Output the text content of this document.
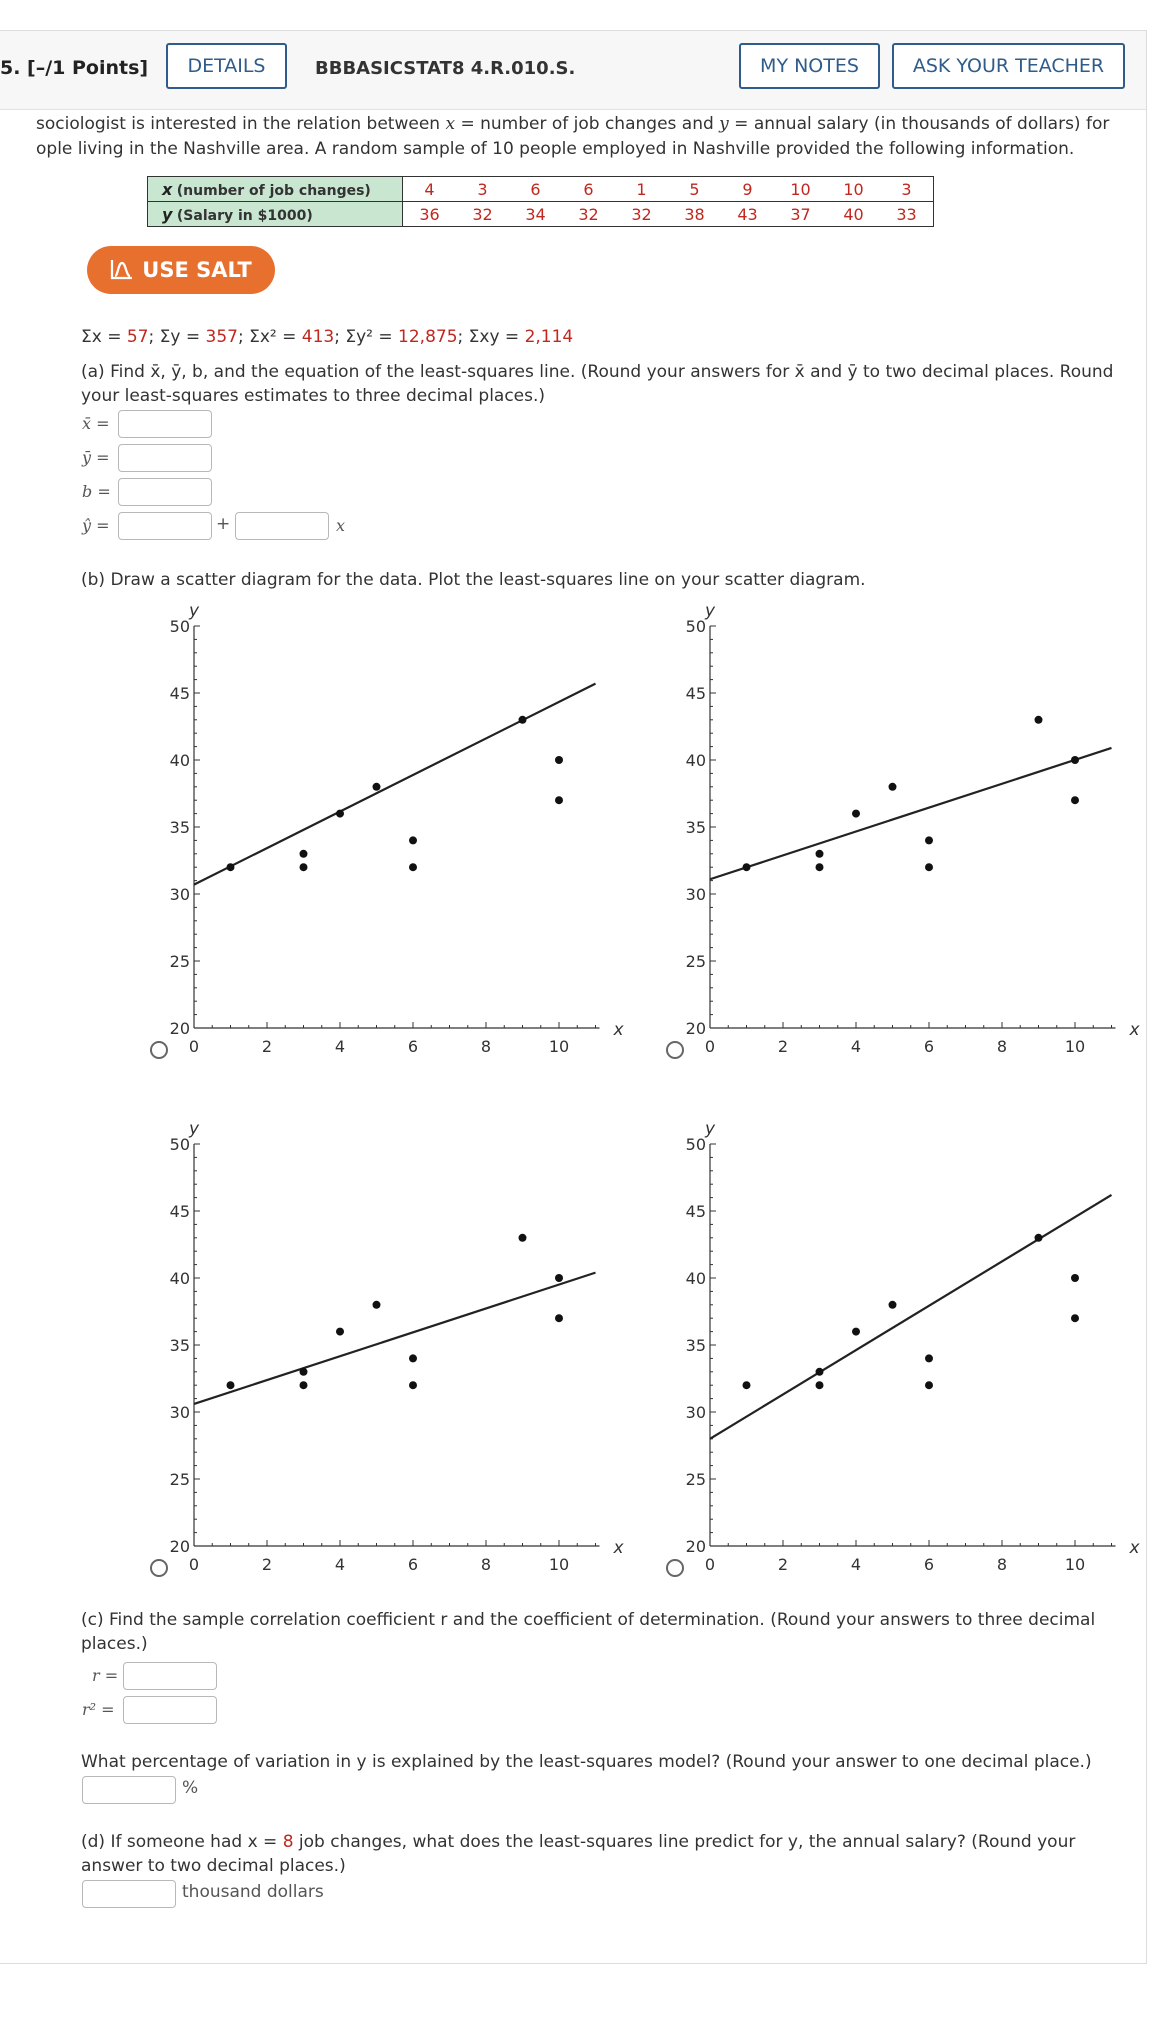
5. [–/1 Points]	DETAILS	BBBASICSTAT8 4.R.010.S.	MY NOTES	ASK YOUR TEACHER
sociologist is interested in the relation between x = number of job changes and y = annual salary (in thousands of dollars) for
ople living in the Nashville area. A random sample of 10 people employed in Nashville provided the following information.
x (number of job changes)	4	3	6	6	1	5	9	10	10	3
y (Salary in $1000)	36	32	34	32	32	38	43	37	40	33
USE SALT
Σx = 57; Σy = 357; Σx² = 413; Σy² = 12,875; Σxy = 2,114
(a) Find x̄, ȳ, b, and the equation of the least-squares line. (Round your answers for x̄ and ȳ to two decimal places. Round
your least-squares estimates to three decimal places.)
x̄ =
ȳ =
b =
ŷ =	+	x
(b) Draw a scatter diagram for the data. Plot the least-squares line on your scatter diagram.
0	2	4	6	8	10
20
25
30
35
40
45
50
x
y
0	2	4	6	8	10
20
25
30
35
40
45
50
x
y
0	2	4	6	8	10
20
25
30
35
40
45
50
x
y
0	2	4	6	8	10
20
25
30
35
40
45
50
x
y
(c) Find the sample correlation coefficient r and the coefficient of determination. (Round your answers to three decimal
places.)
r =
r² =
What percentage of variation in y is explained by the least-squares model? (Round your answer to one decimal place.)
%
(d) If someone had x = 8 job changes, what does the least-squares line predict for y, the annual salary? (Round your
answer to two decimal places.)
thousand dollars
